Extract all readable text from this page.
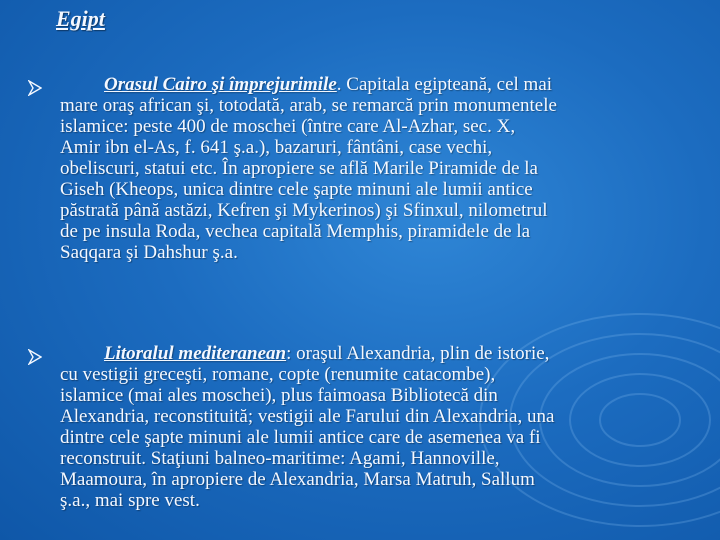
Egipt
Orasul Cairo şi împrejurimile. Capitala egipteană, cel mai
mare oraş african şi, totodată, arab, se remarcă prin monumentele
islamice: peste 400 de moschei (între care Al-Azhar, sec. X,
Amir ibn el-As, f. 641 ş.a.), bazaruri, fântâni, case vechi,
obeliscuri, statui etc. În apropiere se află Marile Piramide de la
Giseh (Kheops, unica dintre cele şapte minuni ale lumii antice
păstrată până astăzi, Kefren şi Mykerinos) şi Sfinxul, nilometrul
de pe insula Roda, vechea capitală Memphis, piramidele de la
Saqqara şi Dahshur ş.a.
Litoralul mediteranean: oraşul Alexandria, plin de istorie,
cu vestigii greceşti, romane, copte (renumite catacombe),
islamice (mai ales moschei), plus faimoasa Bibliotecă din
Alexandria, reconstituită; vestigii ale Farului din Alexandria, una
dintre cele şapte minuni ale lumii antice care de asemenea va fi
reconstruit. Staţiuni balneo-maritime: Agami, Hannoville,
Maamoura, în apropiere de Alexandria, Marsa Matruh, Sallum
ş.a., mai spre vest.
